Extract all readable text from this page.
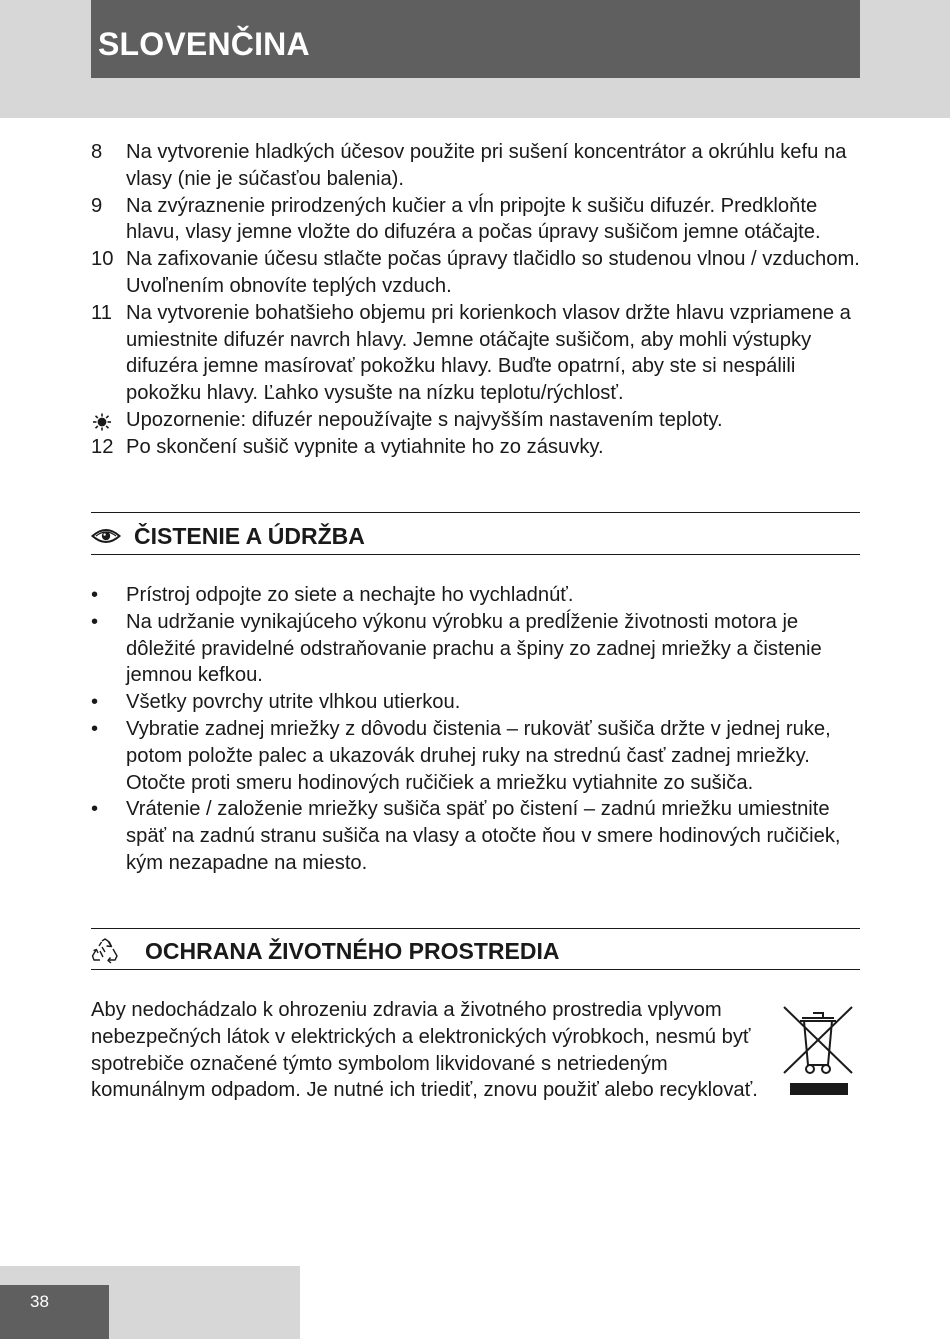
SLOVENČINA
8 Na vytvorenie hladkých účesov použite pri sušení koncentrátor a okrúhlu kefu na vlasy (nie je súčasťou balenia).
9 Na zvýraznenie prirodzených kučier a vĺn pripojte k sušiču difuzér. Predkloňte hlavu, vlasy jemne vložte do difuzéra a počas úpravy sušičom jemne otáčajte.
10 Na zafixovanie účesu stlačte počas úpravy tlačidlo so studenou vlnou / vzduchom. Uvoľnením obnovíte teplých vzduch.
11 Na vytvorenie bohatšieho objemu pri korienkoch vlasov držte hlavu vzpriamene a umiestnite difuzér navrch hlavy. Jemne otáčajte sušičom, aby mohli výstupky difuzéra jemne masírovať pokožku hlavy. Buďte opatrní, aby ste si nespálili pokožku hlavy. Ľahko vysušte na nízku teplotu/rýchlosť.
Upozornenie: difuzér nepoužívajte s najvyšším nastavením teploty.
12 Po skončení sušič vypnite a vytiahnite ho zo zásuvky.
ČISTENIE A ÚDRŽBA
• Prístroj odpojte zo siete a nechajte ho vychladnúť.
• Na udržanie vynikajúceho výkonu výrobku a predĺženie životnosti motora je dôležité pravidelné odstraňovanie prachu a špiny zo zadnej mriežky a čistenie jemnou kefkou.
• Všetky povrchy utrite vlhkou utierkou.
• Vybratie zadnej mriežky z dôvodu čistenia – rukoväť sušiča držte v jednej ruke, potom položte palec a ukazovák druhej ruky na strednú časť zadnej mriežky. Otočte proti smeru hodinových ručičiek a mriežku vytiahnite zo sušiča.
• Vrátenie / založenie mriežky sušiča späť po čistení – zadnú mriežku umiestnite späť na zadnú stranu sušiča na vlasy a otočte ňou v smere hodinových ručičiek, kým nezapadne na miesto.
OCHRANA ŽIVOTNÉHO PROSTREDIA
Aby nedochádzalo k ohrozeniu zdravia a životného prostredia vplyvom nebezpečných látok v elektrických a elektronických výrobkoch, nesmú byť spotrebiče označené týmto symbolom likvidované s netriedeným komunálnym odpadom. Je nutné ich triediť, znovu použiť alebo recyklovať.
38
